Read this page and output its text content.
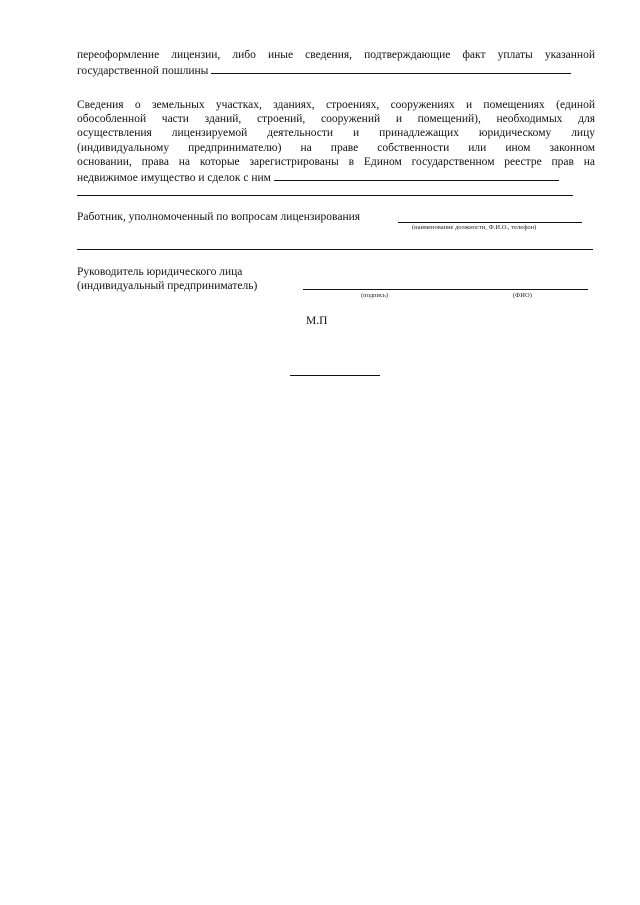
переоформление лицензии, либо иные сведения, подтверждающие факт уплаты указанной
государственной пошлины
Сведения о земельных участках, зданиях, строениях, сооружениях и помещениях (единой
обособленной части зданий, строений, сооружений и помещений), необходимых для
осуществления лицензируемой деятельности и принадлежащих юридическому лицу
(индивидуальному предпринимателю) на праве собственности или ином законном
основании, права на которые зарегистрированы в Едином государственном реестре прав на
недвижимое имущество и сделок с ним
Работник, уполномоченный по вопросам лицензирования
(наименование должности, Ф.И.О., телефон)
Руководитель юридического лица
(индивидуальный предприниматель)
(подпись)	(ФИО)
М.П
